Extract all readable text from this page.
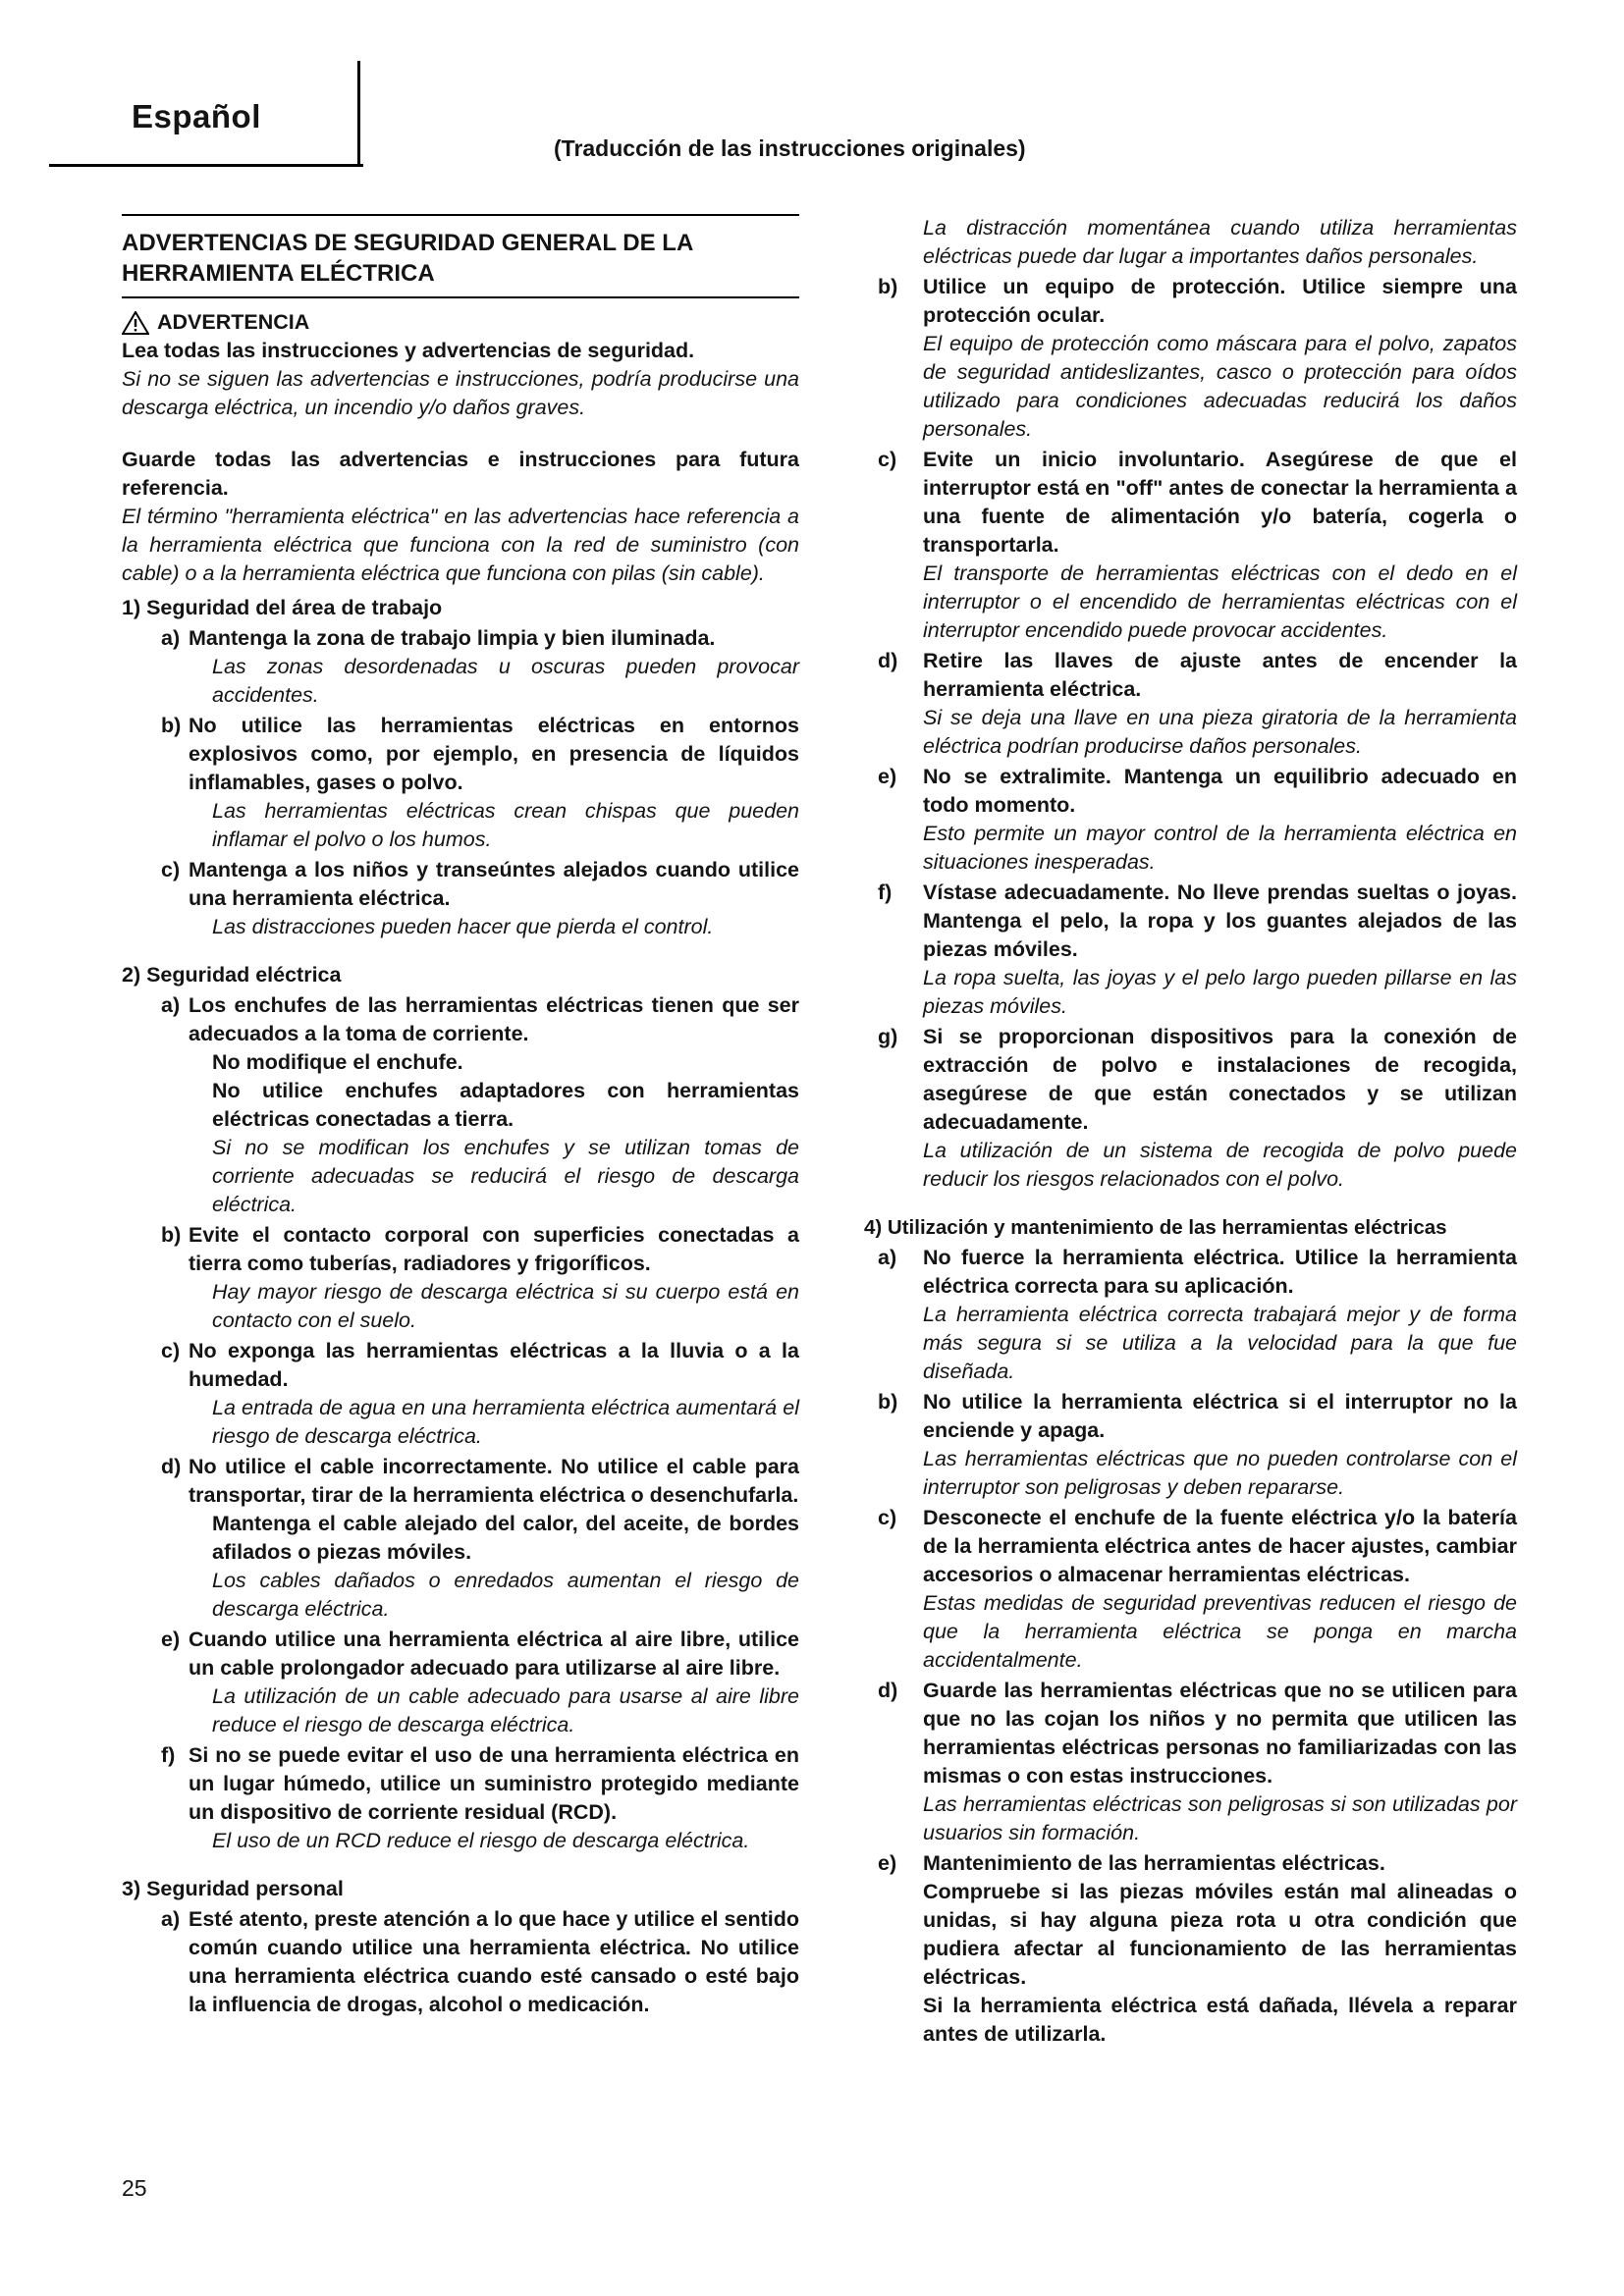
Español
(Traducción de las instrucciones originales)
ADVERTENCIAS DE SEGURIDAD GENERAL DE LA
HERRAMIENTA ELÉCTRICA
ADVERTENCIA
Lea todas las instrucciones y advertencias de seguridad.
Si no se siguen las advertencias e instrucciones, podría producirse una descarga eléctrica, un incendio y/o daños graves.
Guarde todas las advertencias e instrucciones para futura referencia.
El término "herramienta eléctrica" en las advertencias hace referencia a la herramienta eléctrica que funciona con la red de suministro (con cable) o a la herramienta eléctrica que funciona con pilas (sin cable).
1) Seguridad del área de trabajo
a) Mantenga la zona de trabajo limpia y bien iluminada.
Las zonas desordenadas u oscuras pueden provocar accidentes.
b) No utilice las herramientas eléctricas en entornos explosivos como, por ejemplo, en presencia de líquidos inflamables, gases o polvo.
Las herramientas eléctricas crean chispas que pueden inflamar el polvo o los humos.
c) Mantenga a los niños y transeúntes alejados cuando utilice una herramienta eléctrica.
Las distracciones pueden hacer que pierda el control.
2) Seguridad eléctrica
a) Los enchufes de las herramientas eléctricas tienen que ser adecuados a la toma de corriente.
No modifique el enchufe.
No utilice enchufes adaptadores con herramientas eléctricas conectadas a tierra.
Si no se modifican los enchufes y se utilizan tomas de corriente adecuadas se reducirá el riesgo de descarga eléctrica.
b) Evite el contacto corporal con superficies conectadas a tierra como tuberías, radiadores y frigoríficos.
Hay mayor riesgo de descarga eléctrica si su cuerpo está en contacto con el suelo.
c) No exponga las herramientas eléctricas a la lluvia o a la humedad.
La entrada de agua en una herramienta eléctrica aumentará el riesgo de descarga eléctrica.
d) No utilice el cable incorrectamente. No utilice el cable para transportar, tirar de la herramienta eléctrica o desenchufarla.
Mantenga el cable alejado del calor, del aceite, de bordes afilados o piezas móviles.
Los cables dañados o enredados aumentan el riesgo de descarga eléctrica.
e) Cuando utilice una herramienta eléctrica al aire libre, utilice un cable prolongador adecuado para utilizarse al aire libre.
La utilización de un cable adecuado para usarse al aire libre reduce el riesgo de descarga eléctrica.
f) Si no se puede evitar el uso de una herramienta eléctrica en un lugar húmedo, utilice un suministro protegido mediante un dispositivo de corriente residual (RCD).
El uso de un RCD reduce el riesgo de descarga eléctrica.
3) Seguridad personal
a) Esté atento, preste atención a lo que hace y utilice el sentido común cuando utilice una herramienta eléctrica. No utilice una herramienta eléctrica cuando esté cansado o esté bajo la influencia de drogas, alcohol o medicación.
La distracción momentánea cuando utiliza herramientas eléctricas puede dar lugar a importantes daños personales.
b) Utilice un equipo de protección. Utilice siempre una protección ocular.
El equipo de protección como máscara para el polvo, zapatos de seguridad antideslizantes, casco o protección para oídos utilizado para condiciones adecuadas reducirá los daños personales.
c) Evite un inicio involuntario. Asegúrese de que el interruptor está en "off" antes de conectar la herramienta a una fuente de alimentación y/o batería, cogerla o transportarla.
El transporte de herramientas eléctricas con el dedo en el interruptor o el encendido de herramientas eléctricas con el interruptor encendido puede provocar accidentes.
d) Retire las llaves de ajuste antes de encender la herramienta eléctrica.
Si se deja una llave en una pieza giratoria de la herramienta eléctrica podrían producirse daños personales.
e) No se extralimite. Mantenga un equilibrio adecuado en todo momento.
Esto permite un mayor control de la herramienta eléctrica en situaciones inesperadas.
f) Vístase adecuadamente. No lleve prendas sueltas o joyas. Mantenga el pelo, la ropa y los guantes alejados de las piezas móviles.
La ropa suelta, las joyas y el pelo largo pueden pillarse en las piezas móviles.
g) Si se proporcionan dispositivos para la conexión de extracción de polvo e instalaciones de recogida, asegúrese de que están conectados y se utilizan adecuadamente.
La utilización de un sistema de recogida de polvo puede reducir los riesgos relacionados con el polvo.
4) Utilización y mantenimiento de las herramientas eléctricas
a) No fuerce la herramienta eléctrica. Utilice la herramienta eléctrica correcta para su aplicación.
La herramienta eléctrica correcta trabajará mejor y de forma más segura si se utiliza a la velocidad para la que fue diseñada.
b) No utilice la herramienta eléctrica si el interruptor no la enciende y apaga.
Las herramientas eléctricas que no pueden controlarse con el interruptor son peligrosas y deben repararse.
c) Desconecte el enchufe de la fuente eléctrica y/o la batería de la herramienta eléctrica antes de hacer ajustes, cambiar accesorios o almacenar herramientas eléctricas.
Estas medidas de seguridad preventivas reducen el riesgo de que la herramienta eléctrica se ponga en marcha accidentalmente.
d) Guarde las herramientas eléctricas que no se utilicen para que no las cojan los niños y no permita que utilicen las herramientas eléctricas personas no familiarizadas con las mismas o con estas instrucciones.
Las herramientas eléctricas son peligrosas si son utilizadas por usuarios sin formación.
e) Mantenimiento de las herramientas eléctricas.
Compruebe si las piezas móviles están mal alineadas o unidas, si hay alguna pieza rota u otra condición que pudiera afectar al funcionamiento de las herramientas eléctricas.
Si la herramienta eléctrica está dañada, llévela a reparar antes de utilizarla.
25
